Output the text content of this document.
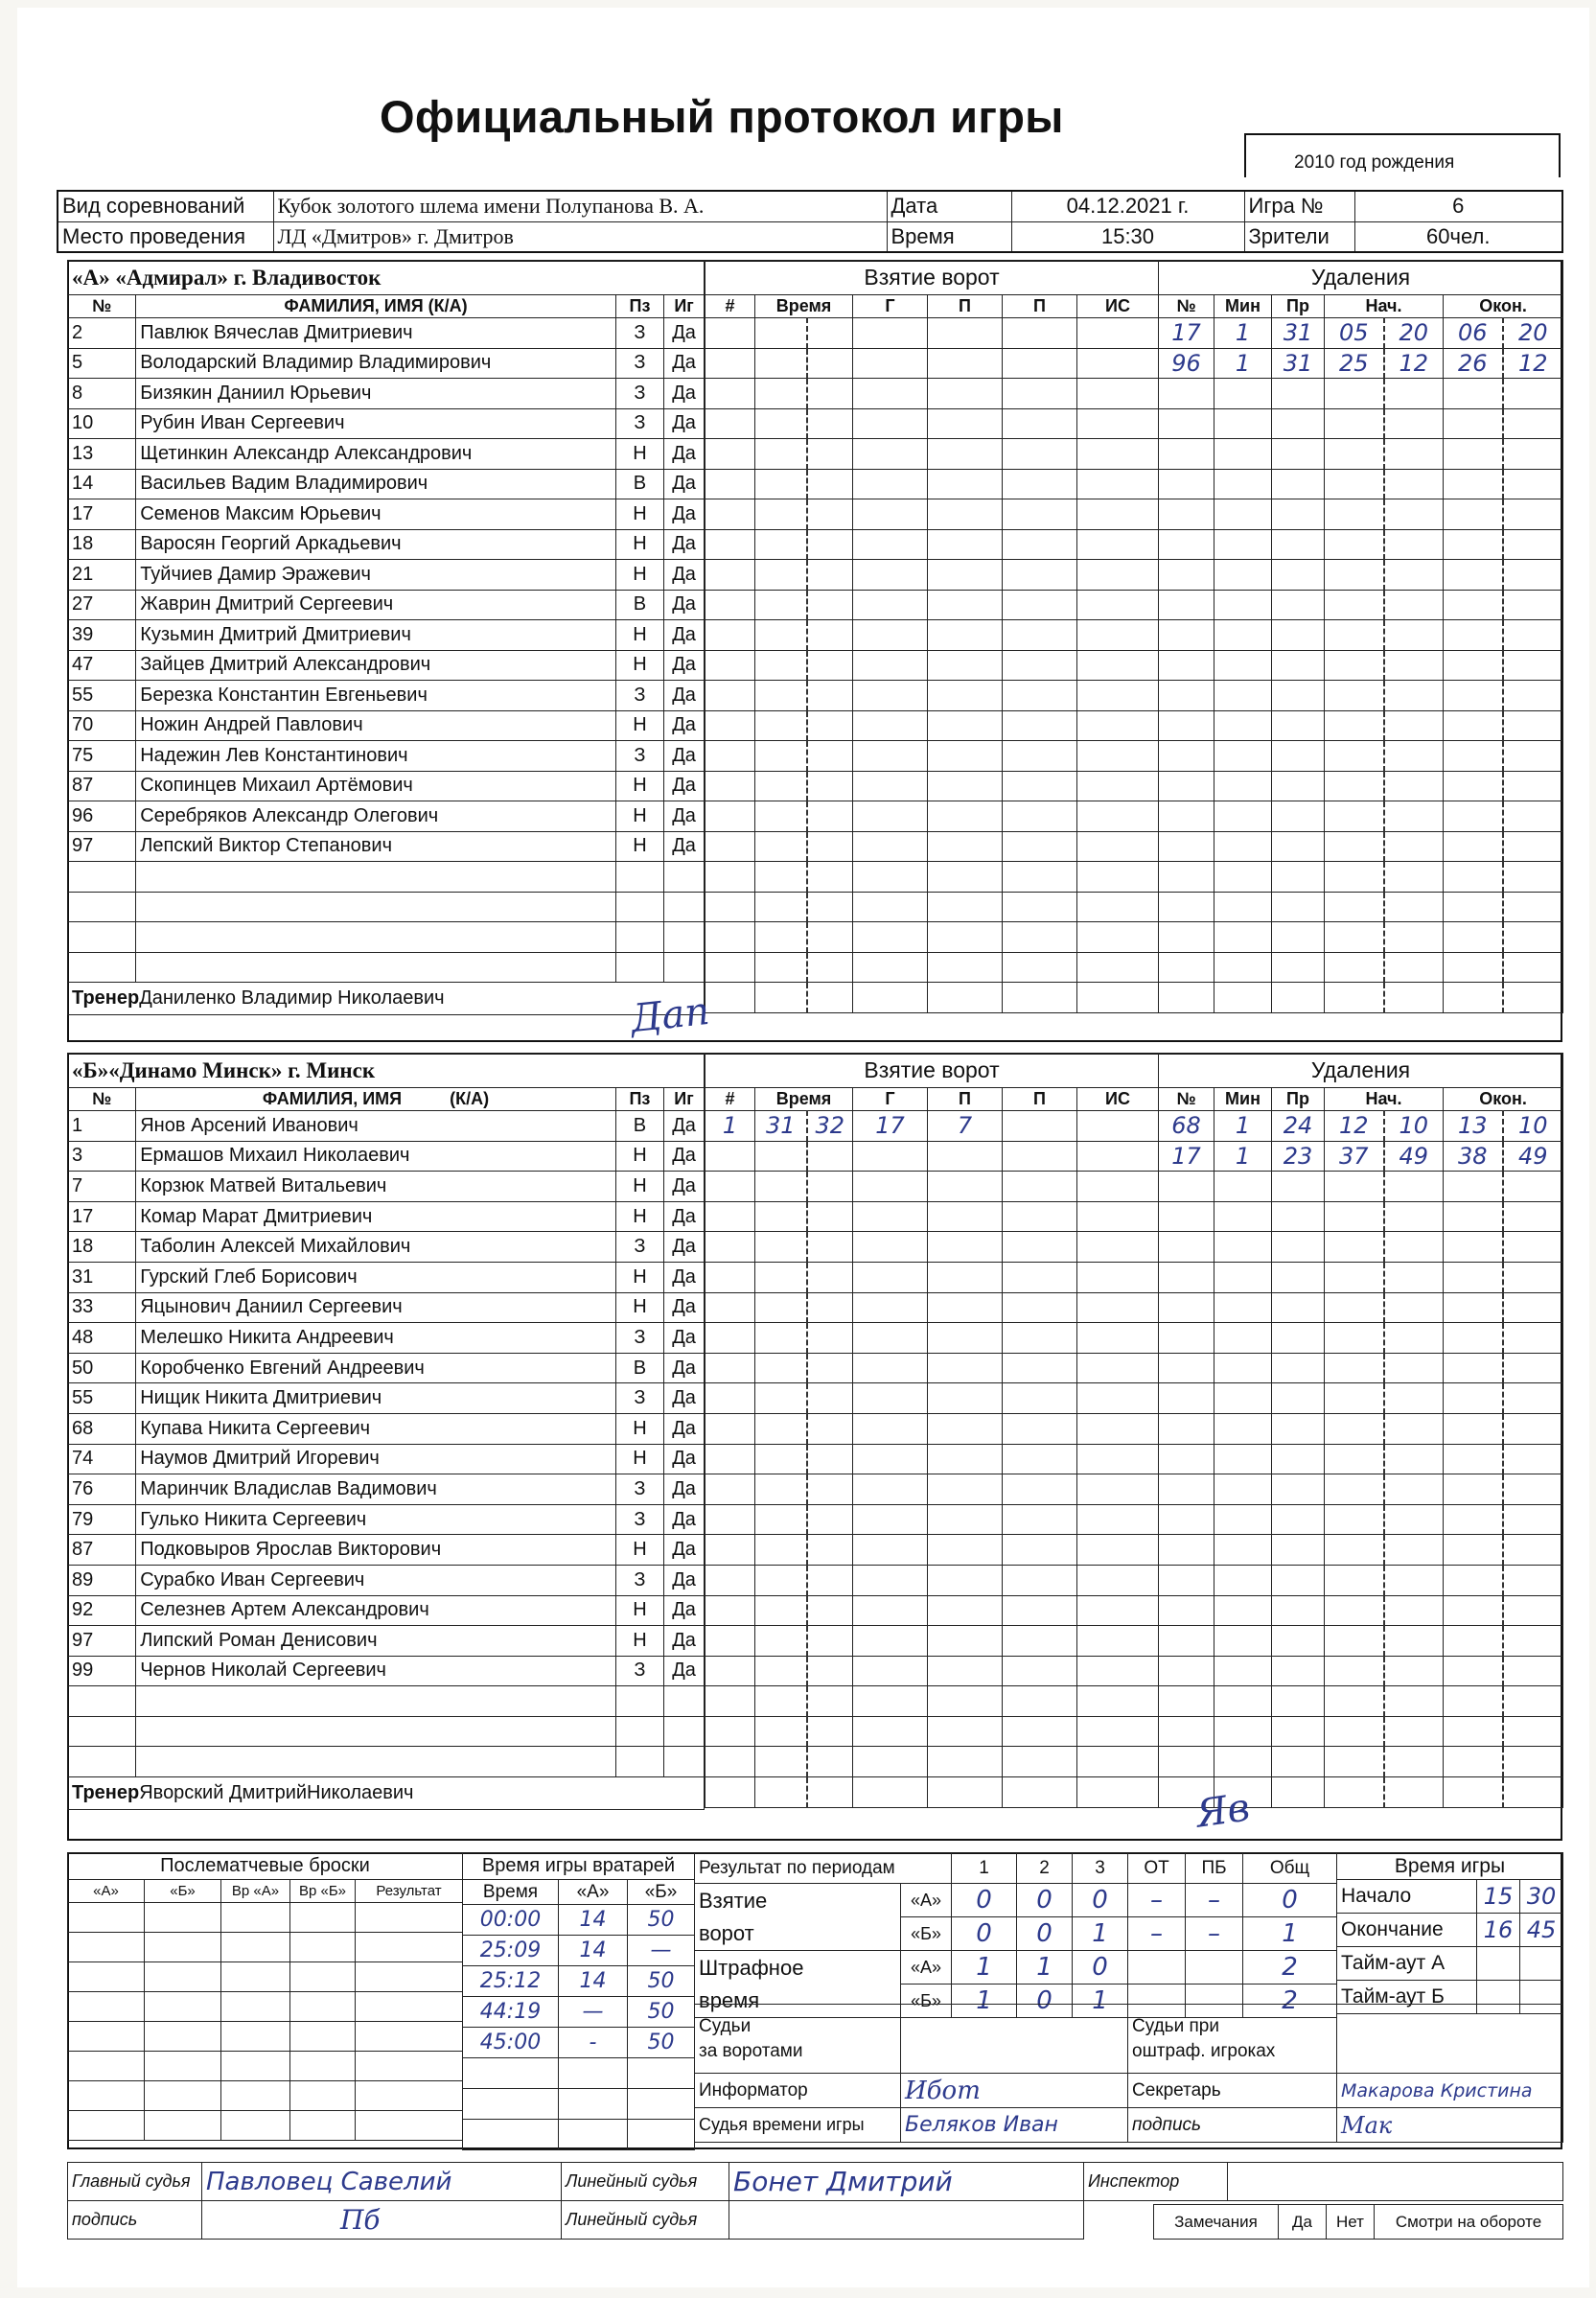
Официальный протокол игры
2010 год рождения
Вид соревнований	Кубок золотого шлема имени Полупанова В. А.	Дата	04.12.2021 г.	Игра №	6
Место проведения	ЛД «Дмитров» г. Дмитров	Время	15:30	Зрители	60чел.
«А» «Адмирал» г. Владивосток			
№	ФАМИЛИЯ, ИМЯ (К/А)	Пз	Иг
2	Павлюк Вячеслав Дмитриевич	З	Да
5	Володарский Владимир Владимирович	З	Да
8	Бизякин Даниил Юрьевич	З	Да
10	Рубин Иван Сергеевич	З	Да
13	Щетинкин Александр Александрович	Н	Да
14	Васильев Вадим Владимирович	В	Да
17	Семенов Максим Юрьевич	Н	Да
18	Варосян Георгий Аркадьевич	Н	Да
21	Туйчиев Дамир Эражевич	Н	Да
27	Жаврин Дмитрий Сергеевич	В	Да
39	Кузьмин Дмитрий Дмитриевич	Н	Да
47	Зайцев Дмитрий Александрович	Н	Да
55	Березка Константин Евгеньевич	З	Да
70	Ножин Андрей Павлович	Н	Да
75	Надежин Лев Константинович	З	Да
87	Скопинцев Михаил Артёмович	Н	Да
96	Серебряков Александр Олегович	Н	Да
97	Лепский Виктор Степанович	Н	Да

ТренерДаниленко Владимир Николаевич			
Взятие ворот						
#	Время		Г	П	П	ИС

Удаления						
№	Мин	Пр	Нач.		Окон.	
17	1	31	05	20	06	20
96	1	31	25	12	26	12

Дап
«Б»«Динамо Минск» г. Минск			
№	ФАМИЛИЯ, ИМЯ (К/А)	Пз	Иг
1	Янов Арсений Иванович	В	Да
3	Ермашов Михаил Николаевич	Н	Да
7	Корзюк Матвей Витальевич	Н	Да
17	Комар Марат Дмитриевич	Н	Да
18	Таболин Алексей Михайлович	З	Да
31	Гурский Глеб Борисович	Н	Да
33	Яцынович Даниил Сергеевич	Н	Да
48	Мелешко Никита Андреевич	З	Да
50	Коробченко Евгений Андреевич	В	Да
55	Нищик Никита Дмитриевич	З	Да
68	Купава Никита Сергеевич	Н	Да
74	Наумов Дмитрий Игоревич	Н	Да
76	Маринчик Владислав Вадимович	З	Да
79	Гулько Никита Сергеевич	З	Да
87	Подковыров Ярослав Викторович	Н	Да
89	Сурабко Иван Сергеевич	З	Да
92	Селезнев Артем Александрович	Н	Да
97	Липский Роман Денисович	Н	Да
99	Чернов Николай Сергеевич	З	Да

ТренерЯворский ДмитрийНиколаевич			
Взятие ворот						
#	Время		Г	П	П	ИС
1	31	32	17	7		

Удаления						
№	Мин	Пр	Нач.		Окон.	
68	1	24	12	10	13	10
17	1	23	37	49	38	49

Яв
Послематчевые броски				
«А»	«Б»	Вр «А»	Вр «Б»	Результат

Время игры вратарей		
Время	«А»	«Б»
00:00	14	50
25:09	14	—
25:12	14	50
44:19	—	50
45:00	-	50

Результат по периодам		1	2	3	ОТ	ПБ	Общ
Взятие
ворот	«А»	0	0	0	–	–	0
	«Б»	0	0	1	–	–	1
Штрафное
время	«А»	1	1	0			2
	«Б»	1	0	1			2
Время игры		
Начало	15	30
Окончание	16	45
Тайм-аут А		
Тайм-аут Б		
Судьи
за воротами		Судьи при
оштраф. игроках	
Информатор	Ибот	Секретарь	Макарова Кристина
Судья времени игры	Беляков Иван	подпись	Мак
Главный судья	Павловец Савелий	Линейный судья	Бонет Дмитрий
подпись	Пб	Линейный судья	
Инспектор	
Замечания	Да	Нет	Смотри на обороте
